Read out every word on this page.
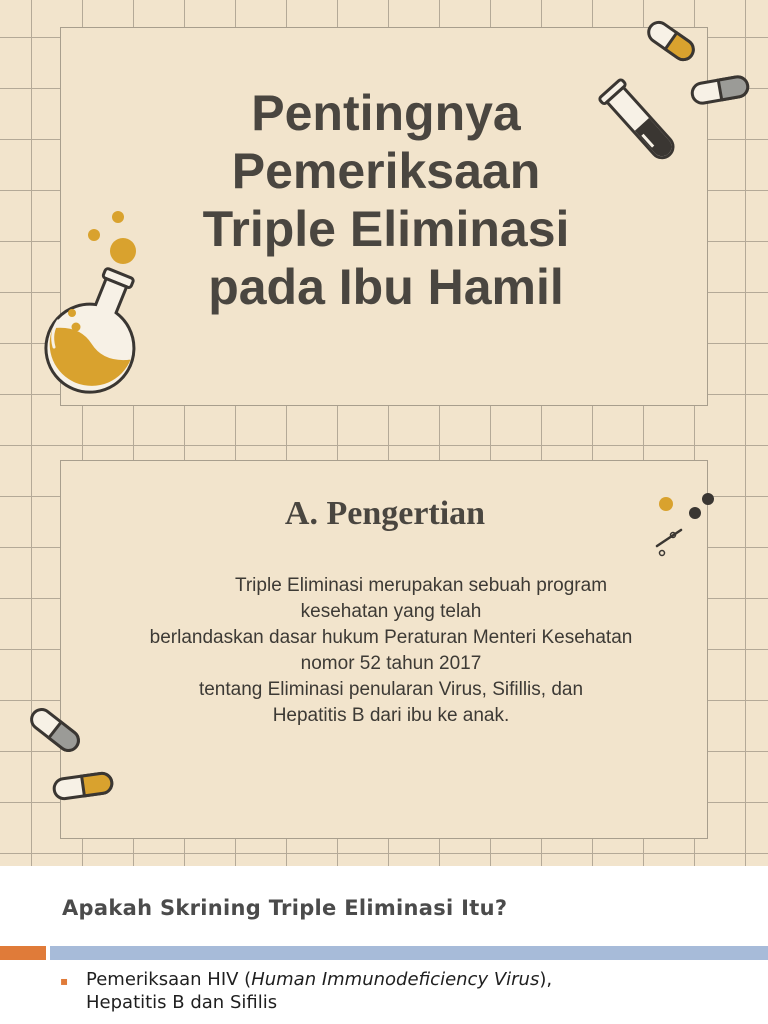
Pentingnya
Pemeriksaan
Triple Eliminasi
pada Ibu Hamil
A. Pengertian
Triple Eliminasi merupakan sebuah program
kesehatan yang telah
berlandaskan dasar hukum Peraturan Menteri Kesehatan
nomor 52 tahun 2017
tentang Eliminasi penularan Virus, Sifillis, dan
Hepatitis B dari ibu ke anak.
Apakah Skrining Triple Eliminasi Itu?
▪ Pemeriksaan HIV (Human Immunodeficiency Virus),
Hepatitis B dan Sifilis
